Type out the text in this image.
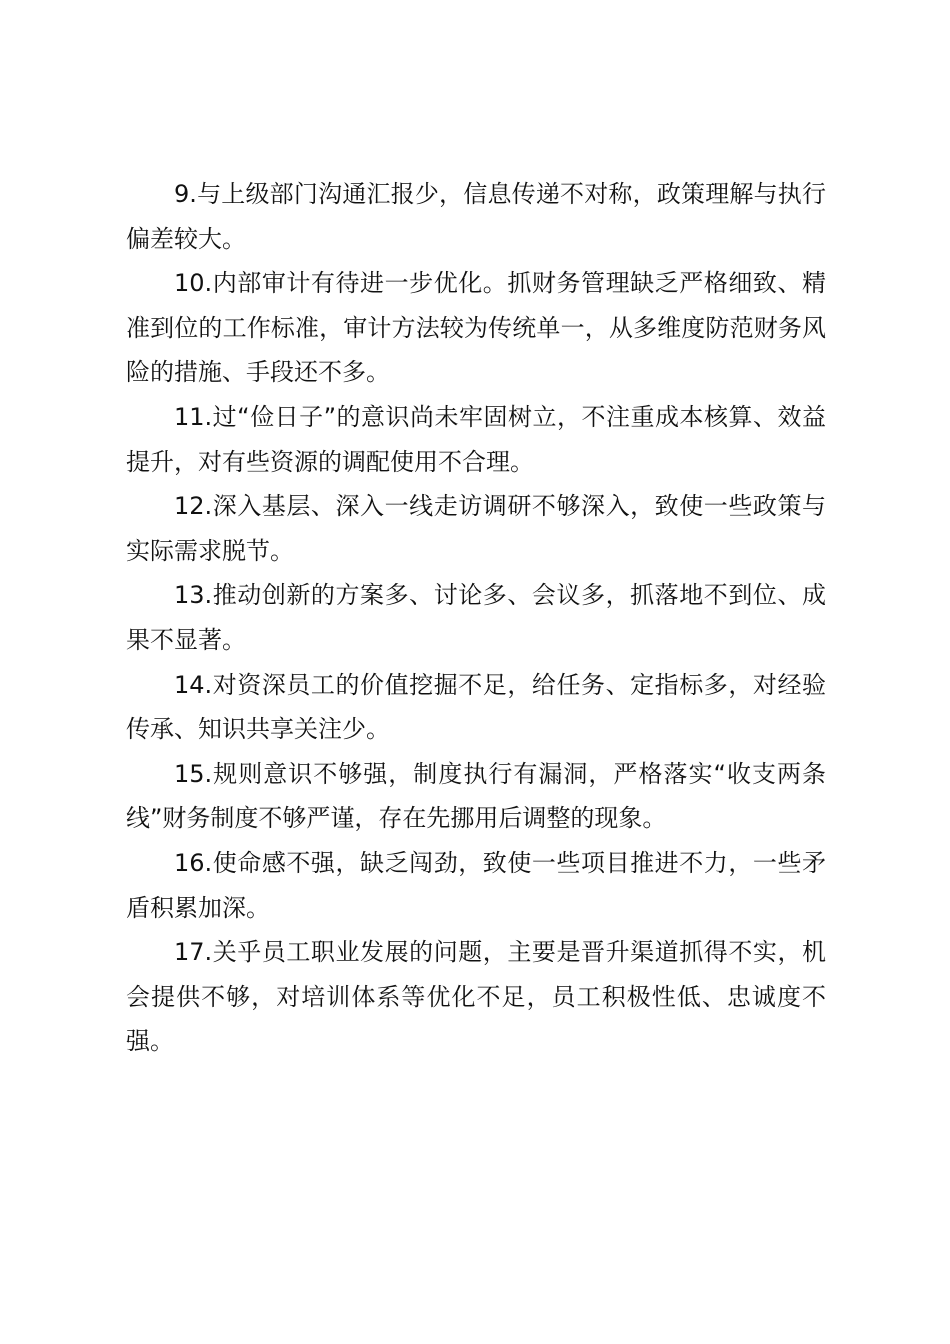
9.与上级部门沟通汇报少，信息传递不对称，政策理解与执行偏差较大。

10.内部审计有待进一步优化。抓财务管理缺乏严格细致、精准到位的工作标准，审计方法较为传统单一，从多维度防范财务风险的措施、手段还不多。

11.过“俭日子”的意识尚未牢固树立，不注重成本核算、效益提升，对有些资源的调配使用不合理。

12.深入基层、深入一线走访调研不够深入，致使一些政策与实际需求脱节。

13.推动创新的方案多、讨论多、会议多，抓落地不到位、成果不显著。

14.对资深员工的价值挖掘不足，给任务、定指标多，对经验传承、知识共享关注少。

15.规则意识不够强，制度执行有漏洞，严格落实“收支两条线”财务制度不够严谨，存在先挪用后调整的现象。

16.使命感不强，缺乏闯劲，致使一些项目推进不力，一些矛盾积累加深。

17.关乎员工职业发展的问题，主要是晋升渠道抓得不实，机会提供不够，对培训体系等优化不足，员工积极性低、忠诚度不强。
